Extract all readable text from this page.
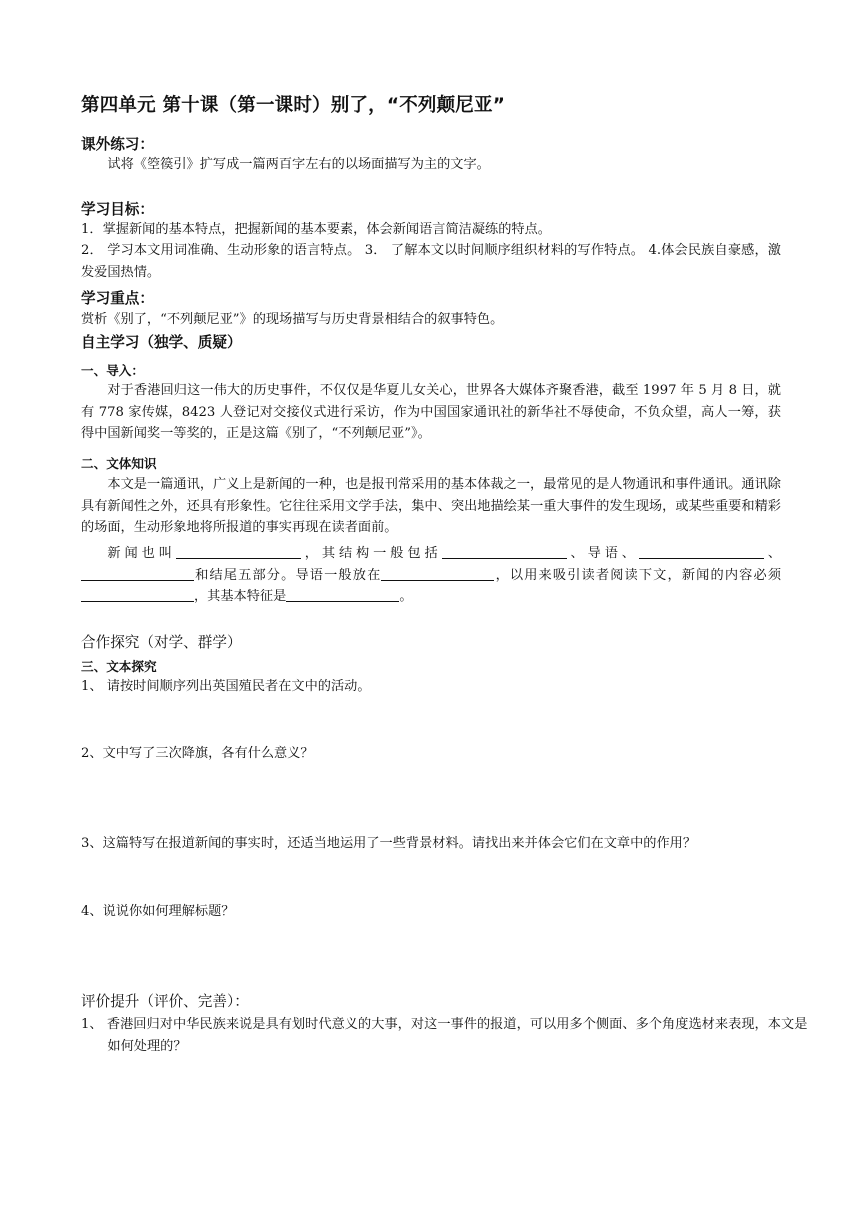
第四单元 第十课（第一课时）别了，“不列颠尼亚”
课外练习：
试将《箜篌引》扩写成一篇两百字左右的以场面描写为主的文字。
学习目标：
1．掌握新闻的基本特点，把握新闻的基本要素，体会新闻语言简洁凝练的特点。
2． 学习本文用词准确、生动形象的语言特点。 3． 了解本文以时间顺序组织材料的写作特点。 4.体会民族自豪感，激发爱国热情。
学习重点：
赏析《别了，“不列颠尼亚”》的现场描写与历史背景相结合的叙事特色。
自主学习（独学、质疑）
一、导入：
对于香港回归这一伟大的历史事件，不仅仅是华夏儿女关心，世界各大媒体齐聚香港，截至 1997 年 5 月 8 日，就有 778 家传媒，8423 人登记对交接仪式进行采访，作为中国国家通讯社的新华社不辱使命，不负众望，高人一筹，获得中国新闻奖一等奖的，正是这篇《别了，“不列颠尼亚”》。
二、文体知识
本文是一篇通讯，广义上是新闻的一种，也是报刊常采用的基本体裁之一，最常见的是人物通讯和事件通讯。通讯除具有新闻性之外，还具有形象性。它往往采用文学手法，集中、突出地描绘某一重大事件的发生现场，或某些重要和精彩的场面，生动形象地将所报道的事实再现在读者面前。
新闻也叫	，其结构一般包括	、导语、	、和结尾五部分。导语一般放在	，以用来吸引读者阅读下文，新闻的内容必须，其基本特征是	。
合作探究（对学、群学）
三、文本探究
1、 请按时间顺序列出英国殖民者在文中的活动。
2、文中写了三次降旗，各有什么意义？
3、这篇特写在报道新闻的事实时，还适当地运用了一些背景材料。请找出来并体会它们在文章中的作用？
4、说说你如何理解标题？
评价提升（评价、完善）：
1、 香港回归对中华民族来说是具有划时代意义的大事，对这一事件的报道，可以用多个侧面、多个角度选材来表现，本文是如何处理的？
